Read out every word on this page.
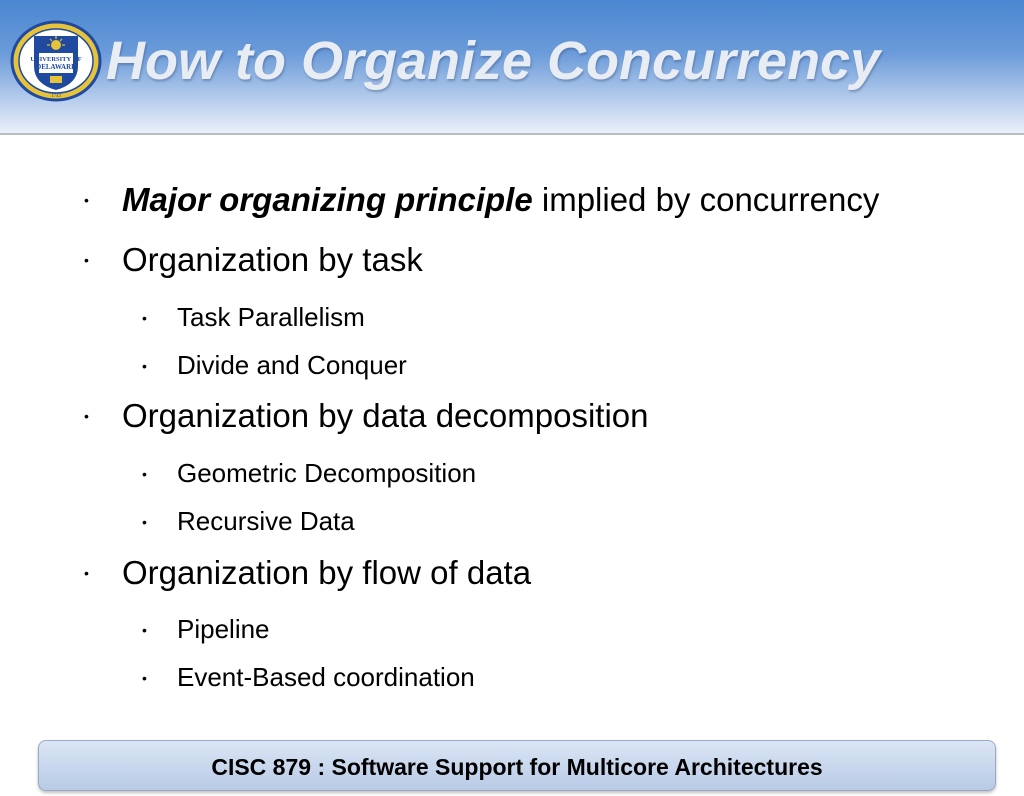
UNIVERSITY OF
DELAWARE
1743
How to Organize Concurrency
• Major organizing principle implied by concurrency
• Organization by task
• Task Parallelism
• Divide and Conquer
• Organization by data decomposition
• Geometric Decomposition
• Recursive Data
• Organization by flow of data
• Pipeline
• Event-Based coordination
CISC 879 : Software Support for Multicore Architectures
